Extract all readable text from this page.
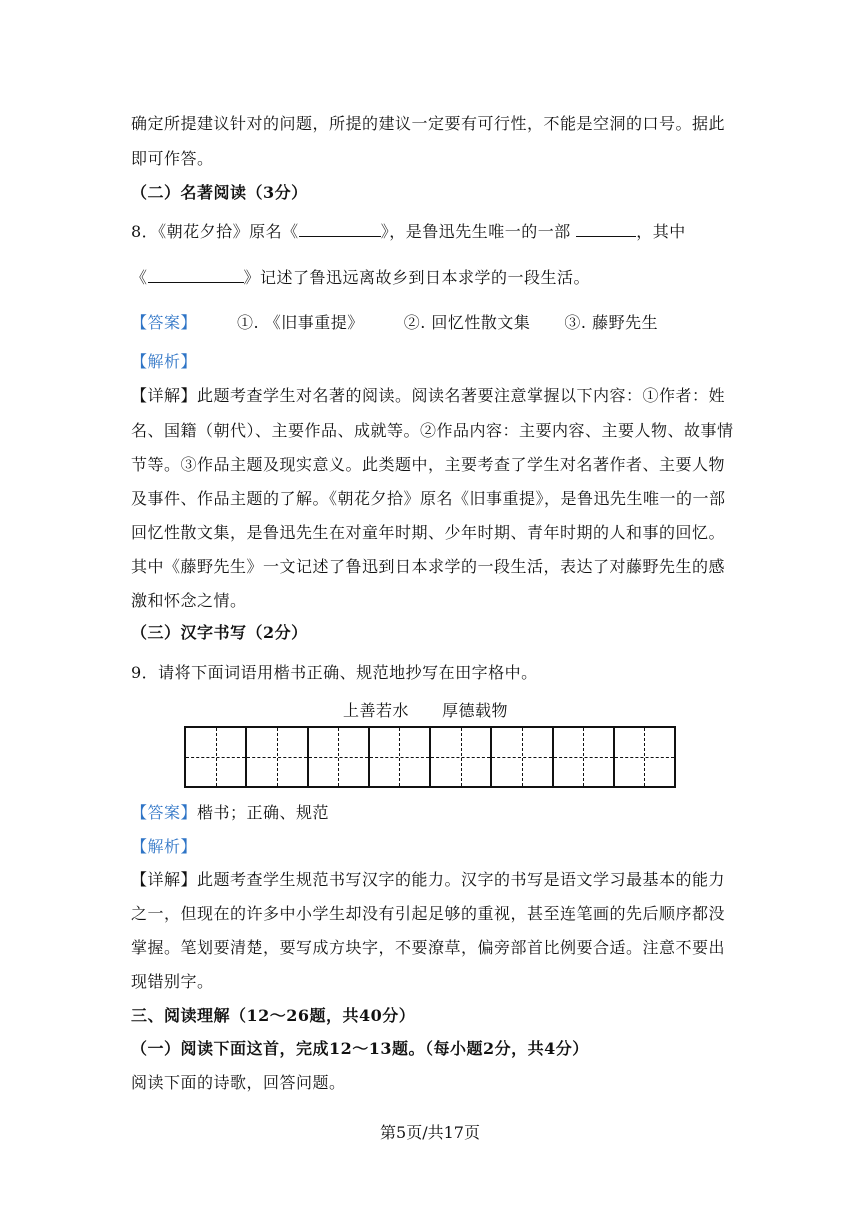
确定所提建议针对的问题，所提的建议一定要有可行性，不能是空洞的口号。据此
即可作答。
（二）名著阅读（3分）
8．《朝花夕拾》原名《	》，是鲁迅先生唯一的一部	，其中
《	》记述了鲁迅远离故乡到日本求学的一段生活。
【答案】	①. 《旧事重提》	②. 回忆性散文集 ③. 藤野先生
【解析】
【详解】此题考查学生对名著的阅读。阅读名著要注意掌握以下内容：①作者：姓
名、国籍（朝代）、主要作品、成就等。②作品内容：主要内容、主要人物、故事情
节等。③作品主题及现实意义。此类题中，主要考查了学生对名著作者、主要人物
及事件、作品主题的了解。《朝花夕拾》原名《旧事重提》，是鲁迅先生唯一的一部
回忆性散文集，是鲁迅先生在对童年时期、少年时期、青年时期的人和事的回忆。
其中《藤野先生》一文记述了鲁迅到日本求学的一段生活，表达了对藤野先生的感
激和怀念之情。
（三）汉字书写（2分）
9．请将下面词语用楷书正确、规范地抄写在田字格中。
上善若水　　厚德载物
【答案】楷书；正确、规范
【解析】
【详解】此题考查学生规范书写汉字的能力。汉字的书写是语文学习最基本的能力
之一，但现在的许多中小学生却没有引起足够的重视，甚至连笔画的先后顺序都没
掌握。笔划要清楚，要写成方块字，不要潦草，偏旁部首比例要合适。注意不要出
现错别字。
三、阅读理解（12～26题，共40分）
（一）阅读下面这首，完成12～13题。（每小题2分，共4分）
阅读下面的诗歌，回答问题。
第5页/共17页
